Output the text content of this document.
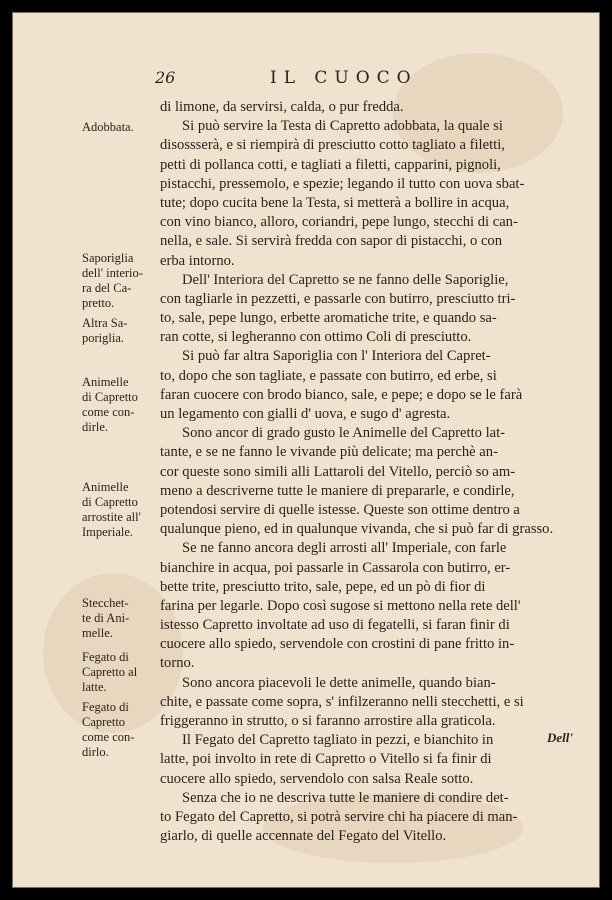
26	IL CUOCO
di limone, da servirsi, calda, o pur fredda.
Si può servire la Testa di Capretto adobbata, la quale si
disossserà, e si riempirà di presciutto cotto tagliato a filetti,
petti di pollanca cotti, e tagliati a filetti, capparini, pignoli,
pistacchi, pressemolo, e spezie; legando il tutto con uova sbat-
tute; dopo cucita bene la Testa, si metterà a bollire in acqua,
con vino bianco, alloro, coriandri, pepe lungo, stecchi di can-
nella, e sale. Si servirà fredda con sapor di pistacchi, o con
erba intorno.
Dell' Interiora del Capretto se ne fanno delle Saporiglie,
con tagliarle in pezzetti, e passarle con butirro, presciutto tri-
to, sale, pepe lungo, erbette aromatiche trite, e quando sa-
ran cotte, si legheranno con ottimo Coli di presciutto.
Si può far altra Saporiglia con l' Interiora del Capret-
to, dopo che son tagliate, e passate con butirro, ed erbe, si
faran cuocere con brodo bianco, sale, e pepe; e dopo se le farà
un legamento con gialli d' uova, e sugo d' agresta.
Sono ancor di grado gusto le Animelle del Capretto lat-
tante, e se ne fanno le vivande più delicate; ma perchè an-
cor queste sono simili alli Lattaroli del Vitello, perciò so am-
meno a descriverne tutte le maniere di prepararle, e condirle,
potendosi servire di quelle istesse. Queste son ottime dentro a
qualunque pieno, ed in qualunque vivanda, che si può far di grasso.
Se ne fanno ancora degli arrosti all' Imperiale, con farle
bianchire in acqua, poi passarle in Cassarola con butirro, er-
bette trite, presciutto trito, sale, pepe, ed un pò di fior di
farina per legarle. Dopo così sugose si mettono nella rete dell'
istesso Capretto involtate ad uso di fegatelli, si faran finir di
cuocere allo spiedo, servendole con crostini di pane fritto in-
torno.
Sono ancora piacevoli le dette animelle, quando bian-
chite, e passate come sopra, s' infilzeranno nelli stecchetti, e si
friggeranno in strutto, o si faranno arrostire alla graticola.
Il Fegato del Capretto tagliato in pezzi, e bianchito in
latte, poi involto in rete di Capretto o Vitello si fa finir di
cuocere allo spiedo, servendolo con salsa Reale sotto.
Senza che io ne descriva tutte le maniere di condire det-
to Fegato del Capretto, si potrà servire chi ha piacere di man-
giarlo, di quelle accennate del Fegato del Vitello.
Adobbata.
Saporiglia
dell' interio-
ra del Ca-
pretto.
Altra Sa-
poriglia.
Animelle
di Capretto
come con-
dirle.
Animelle
di Capretto
arrostite all'
Imperiale.
Stecchet-
te di Ani-
melle.
Fegato di
Capretto al
latte.
Fegato di
Capretto
come con-
dirlo.
Dell'
